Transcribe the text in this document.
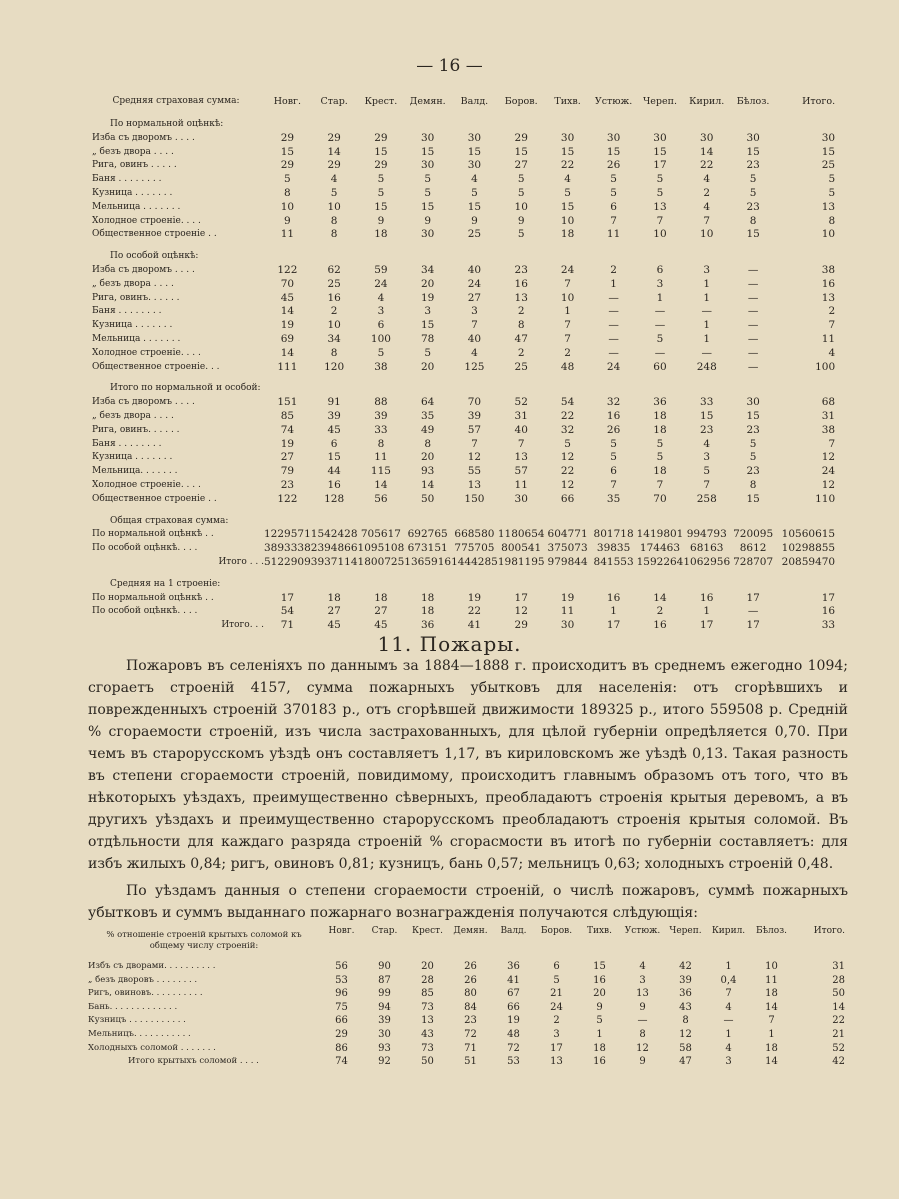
— 16 —
Средняя страховая сумма:	Новг.	Стар.	Крест.	Демян.	Валд.	Боров.	Тихв.	Устюж.	Череп.	Кирил.	Бѣлоз.	Итого.

По нормальной оцѣнкѣ:												
Изба съ дворомъ . . . .	29	29	29	30	30	29	30	30	30	30	30	30
„ безъ двора . . . .	15	14	15	15	15	15	15	15	15	14	15	15
Рига, овинъ . . . . .	29	29	29	30	30	27	22	26	17	22	23	25
Баня . . . . . . . .	5	4	5	5	4	5	4	5	5	4	5	5
Кузница . . . . . . .	8	5	5	5	5	5	5	5	5	2	5	5
Мельница . . . . . . .	10	10	15	15	15	10	15	6	13	4	23	13
Холодное строеніе. . . .	9	8	9	9	9	9	10	7	7	7	8	8
Общественное строеніе . .	11	8	18	30	25	5	18	11	10	10	15	10

По особой оцѣнкѣ:												
Изба съ дворомъ . . . .	122	62	59	34	40	23	24	2	6	3	—	38
„ безъ двора . . . .	70	25	24	20	24	16	7	1	3	1	—	16
Рига, овинъ. . . . . .	45	16	4	19	27	13	10	—	1	1	—	13
Баня . . . . . . . .	14	2	3	3	3	2	1	—	—	—	—	2
Кузница . . . . . . .	19	10	6	15	7	8	7	—	—	1	—	7
Мельница . . . . . . .	69	34	100	78	40	47	7	—	5	1	—	11
Холодное строеніе. . . .	14	8	5	5	4	2	2	—	—	—	—	4
Общественное строеніе. . .	111	120	38	20	125	25	48	24	60	248	—	100

Итого по нормальной и особой:												
Изба съ дворомъ . . . .	151	91	88	64	70	52	54	32	36	33	30	68
„ безъ двора . . . .	85	39	39	35	39	31	22	16	18	15	15	31
Рига, овинъ. . . . . .	74	45	33	49	57	40	32	26	18	23	23	38
Баня . . . . . . . .	19	6	8	8	7	7	5	5	5	4	5	7
Кузница . . . . . . .	27	15	11	20	12	13	12	5	5	3	5	12
Мельница. . . . . . .	79	44	115	93	55	57	22	6	18	5	23	24
Холодное строеніе. . . .	23	16	14	14	13	11	12	7	7	7	8	12
Общественное строеніе . .	122	128	56	50	150	30	66	35	70	258	15	110

Общая страховая сумма:												
По нормальной оцѣнкѣ . .	1229571	1542428	705617	692765	668580	1180654	604771	801718	1419801	994793	720095	10560615
По особой оцѣнкѣ. . . .	3893338	2394866	1095108	673151	775705	800541	375073	39835	174463	68163	8612	10298855
Итого . . .	5122909	3937114	1800725	1365916	1444285	1981195	979844	841553	1592264	1062956	728707	20859470

Средняя на 1 строеніе:												
По нормальной оцѣнкѣ . .	17	18	18	18	19	17	19	16	14	16	17	17
По особой оцѣнкѣ. . . .	54	27	27	18	22	12	11	1	2	1	—	16
Итого. . .	71	45	45	36	41	29	30	17	16	17	17	33
11. Пожары.
Пожаровъ въ селеніяхъ по даннымъ за 1884—1888 г. происходитъ въ среднемъ ежегодно 1094; сгораетъ строеній 4157, сумма пожарныхъ убытковъ для населенія: отъ сгорѣвшихъ и поврежденныхъ строеній 370183 р., отъ сгорѣвшей движимости 189325 р., итого 559508 р. Средній % сгораемости строеній, изъ числа застрахованныхъ, для цѣлой губерніи опредѣляется 0,70. При чемъ въ старорусскомъ уѣздѣ онъ составляетъ 1,17, въ кириловскомъ же уѣздѣ 0,13. Такая разность въ степени сгораемости строеній, повидимому, происходитъ главнымъ образомъ отъ того, что въ нѣкоторыхъ уѣздахъ, преимущественно сѣверныхъ, преобладаютъ строенія крытыя деревомъ, а въ другихъ уѣздахъ и преимущественно старорусскомъ преобладаютъ строенія крытыя соломой. Въ отдѣльности для каждаго разряда строеній % сгорасмости въ итогѣ по губерніи составляетъ: для избъ жилыхъ 0,84; ригъ, овиновъ 0,81; кузницъ, бань 0,57; мельницъ 0,63; холодныхъ строеній 0,48.
По уѣздамъ данныя о степени сгораемости строеній, о числѣ пожаровъ, суммѣ пожарныхъ убытковъ и суммъ выданнаго пожарнаго вознагражденія получаются слѣдующія:
% отношеніе строеній крытыхъ соломой къ общему числу строеній:	Новг.	Стар.	Крест.	Демян.	Валд.	Боров.	Тихв.	Устюж.	Череп.	Кирил.	Бѣлоз.	Итого.

Избъ съ дворами. . . . . . . . . .	56	90	20	26	36	6	15	4	42	1	10	31
„ безъ дворовъ . . . . . . . .	53	87	28	26	41	5	16	3	39	0,4	11	28
Ригъ, овиновъ. . . . . . . . . .	96	99	85	80	67	21	20	13	36	7	18	50
Бань. . . . . . . . . . . . .	75	94	73	84	66	24	9	9	43	4	14	14
Кузницъ . . . . . . . . . . .	66	39	13	23	19	2	5	—	8	—	7	22
Мельницъ. . . . . . . . . . .	29	30	43	72	48	3	1	8	12	1	1	21
Холодныхъ соломой . . . . . . .	86	93	73	71	72	17	18	12	58	4	18	52
Итого крытыхъ соломой . . . .	74	92	50	51	53	13	16	9	47	3	14	42
